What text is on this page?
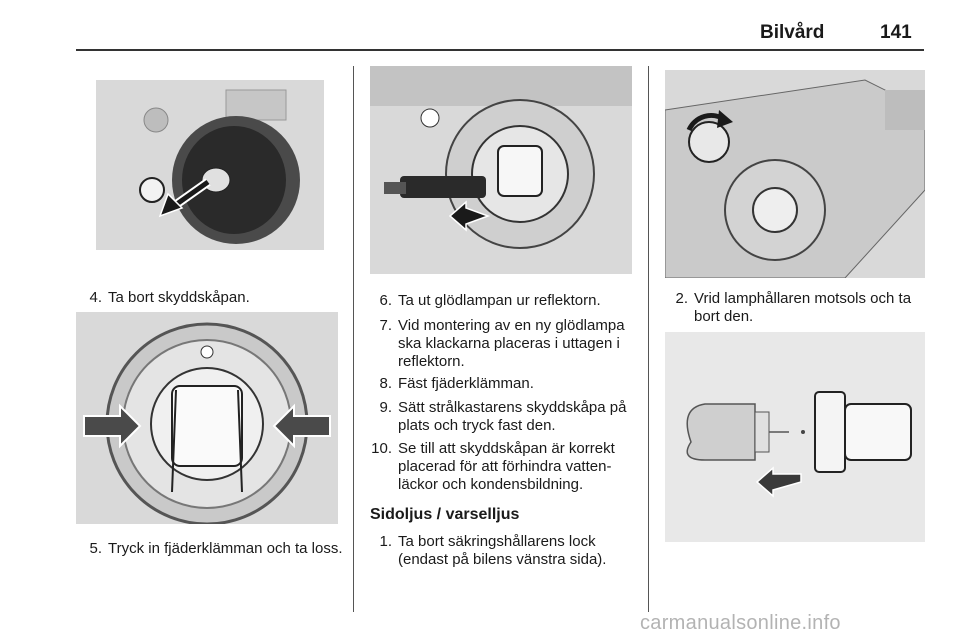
Bilvård	141
4. Ta bort skyddskåpan.
5. Tryck in fjäderklämman och ta loss.
6. Ta ut glödlampan ur reflektorn.
7. Vid montering av en ny glödlampa ska klackarna placeras i uttagen i reflektorn.
8. Fäst fjäderklämman.
9. Sätt strålkastarens skyddskåpa på plats och tryck fast den.
10. Se till att skyddskåpan är korrekt placerad för att förhindra vatten- läckor och kondensbildning.
Sidoljus / varselljus
1. Ta bort säkringshållarens lock (endast på bilens vänstra sida).
2. Vrid lamphållaren motsols och ta bort den.
carmanualsonline.info
